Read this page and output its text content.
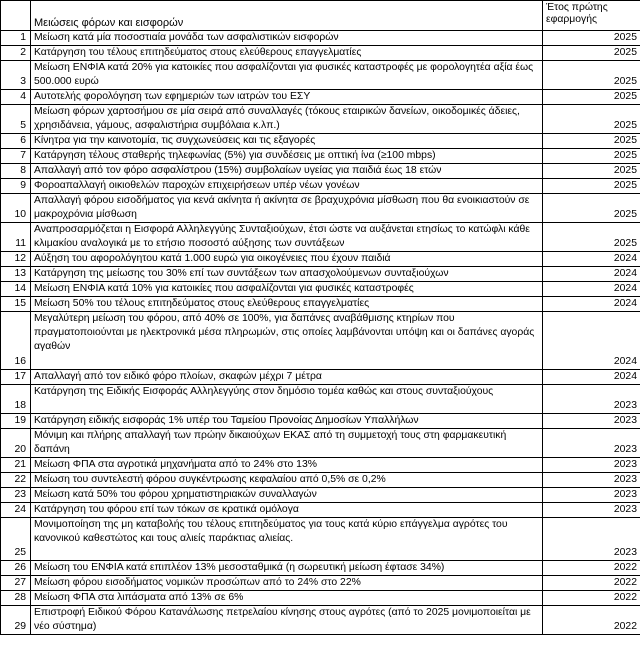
	Μειώσεις φόρων και εισφορών	Έτος πρώτης
εφαρμογής
1	Μείωση κατά μία ποσοστιαία μονάδα των ασφαλιστικών εισφορών	2025
2	Κατάργηση του τέλους επιτηδεύματος στους ελεύθερους επαγγελματίες	2025
3	Μείωση ΕΝΦΙΑ κατά 20% για κατοικίες που ασφαλίζονται για φυσικές καταστροφές με φορολογητέα αξία έως 500.000 ευρώ	2025
4	Αυτοτελής φορολόγηση των εφημεριών των ιατρών του ΕΣΥ	2025
5	Μείωση φόρων χαρτοσήμου σε μία σειρά από συναλλαγές (τόκους εταιρικών δανείων, οικοδομικές άδειες, χρησιδάνεια, γάμους, ασφαλιστήρια συμβόλαια κ.λπ.)	2025
6	Κίνητρα για την καινοτομία, τις συγχωνεύσεις και τις εξαγορές	2025
7	Κατάργηση τέλους σταθερής τηλεφωνίας (5%) για συνδέσεις με οπτική ίνα (≥100 mbps)	2025
8	Απαλλαγή από τον φόρο ασφαλίστρου (15%) συμβολαίων υγείας για παιδιά έως 18 ετών	2025
9	Φοροαπαλλαγή οικιοθελών παροχών επιχειρήσεων υπέρ νέων γονέων	2025
10	Απαλλαγή φόρου εισοδήματος για κενά ακίνητα ή ακίνητα σε βραχυχρόνια μίσθωση που θα ενοικιαστούν σε μακροχρόνια μίσθωση	2025
11	Αναπροσαρμόζεται η Εισφορά Αλληλεγγύης Συνταξιούχων, έτσι ώστε να αυξάνεται ετησίως το κατώφλι κάθε κλιμακίου αναλογικά με το ετήσιο ποσοστό αύξησης των συντάξεων	2025
12	Αύξηση του αφορολόγητου κατά 1.000 ευρώ για οικογένειες που έχουν παιδιά	2024
13	Κατάργηση της μείωσης του 30% επί των συντάξεων των απασχολούμενων συνταξιούχων	2024
14	Μείωση ΕΝΦΙΑ κατά 10% για κατοικίες που ασφαλίζονται για φυσικές καταστροφές	2024
15	Μείωση 50% του τέλους επιτηδεύματος στους ελεύθερους επαγγελματίες	2024
16	Μεγαλύτερη μείωση του φόρου, από 40% σε 100%, για δαπάνες αναβάθμισης κτηρίων που πραγματοποιούνται με ηλεκτρονικά μέσα πληρωμών, στις οποίες λαμβάνονται υπόψη και οι δαπάνες αγοράς αγαθών	2024
17	Απαλλαγή από τον ειδικό φόρο πλοίων, σκαφών μέχρι 7 μέτρα	2024
18	Κατάργηση της Ειδικής Εισφοράς Αλληλεγγύης στον δημόσιο τομέα καθώς και στους συνταξιούχους	2023
19	Κατάργηση ειδικής εισφοράς 1% υπέρ του Ταμείου Προνοίας Δημοσίων Υπαλλήλων	2023
20	Μόνιμη και πλήρης απαλλαγή των πρώην δικαιούχων ΕΚΑΣ από τη συμμετοχή τους στη φαρμακευτική δαπάνη	2023
21	Μείωση ΦΠΑ στα αγροτικά μηχανήματα από το 24% στο 13%	2023
22	Μείωση του συντελεστή φόρου συγκέντρωσης κεφαλαίου από 0,5% σε 0,2%	2023
23	Μείωση κατά 50% του φόρου χρηματιστηριακών συναλλαγών	2023
24	Κατάργηση του φόρου επί των τόκων σε κρατικά ομόλογα	2023
25	Μονιμοποίηση της μη καταβολής του τέλους επιτηδεύματος για τους κατά κύριο επάγγελμα αγρότες του κανονικού καθεστώτος και τους αλιείς παράκτιας αλιείας.	2023
26	Μείωση του ΕΝΦΙΑ κατά επιπλέον 13% μεσοσταθμικά (η σωρευτική μείωση έφτασε 34%)	2022
27	Μείωση φόρου εισοδήματος νομικών προσώπων από το 24% στο 22%	2022
28	Μείωση ΦΠΑ στα λιπάσματα από 13% σε 6%	2022
29	Επιστροφή Ειδικού Φόρου Κατανάλωσης πετρελαίου κίνησης στους αγρότες (από το 2025 μονιμοποιείται με νέο σύστημα)	2022
